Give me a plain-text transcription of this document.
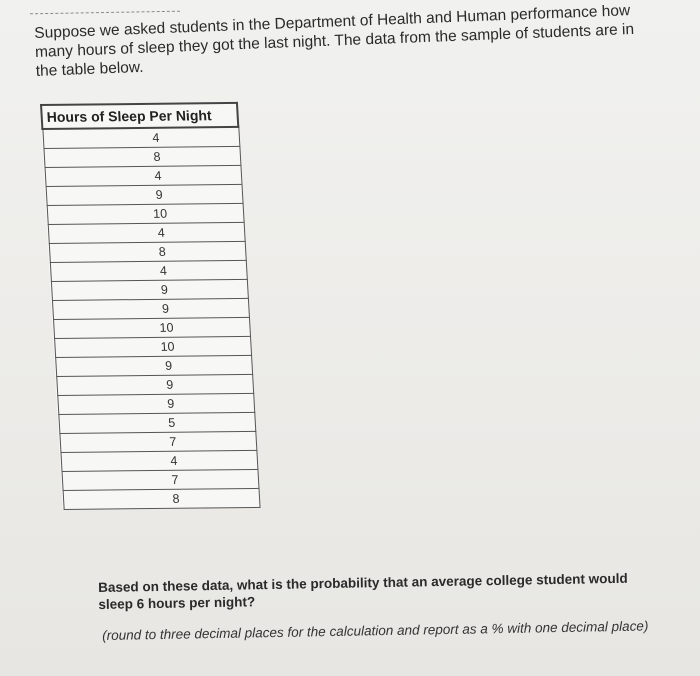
Suppose we asked students in the Department of Health and Human performance how many hours of sleep they got the last night. The data from the sample of students are in the table below.

Hours of Sleep Per Night
4
8
4
9
10
4
8
4
9
9
10
10
9
9
9
5
7
4
7
8

Based on these data, what is the probability that an average college student would sleep 6 hours per night?

(round to three decimal places for the calculation and report as a % with one decimal place)
